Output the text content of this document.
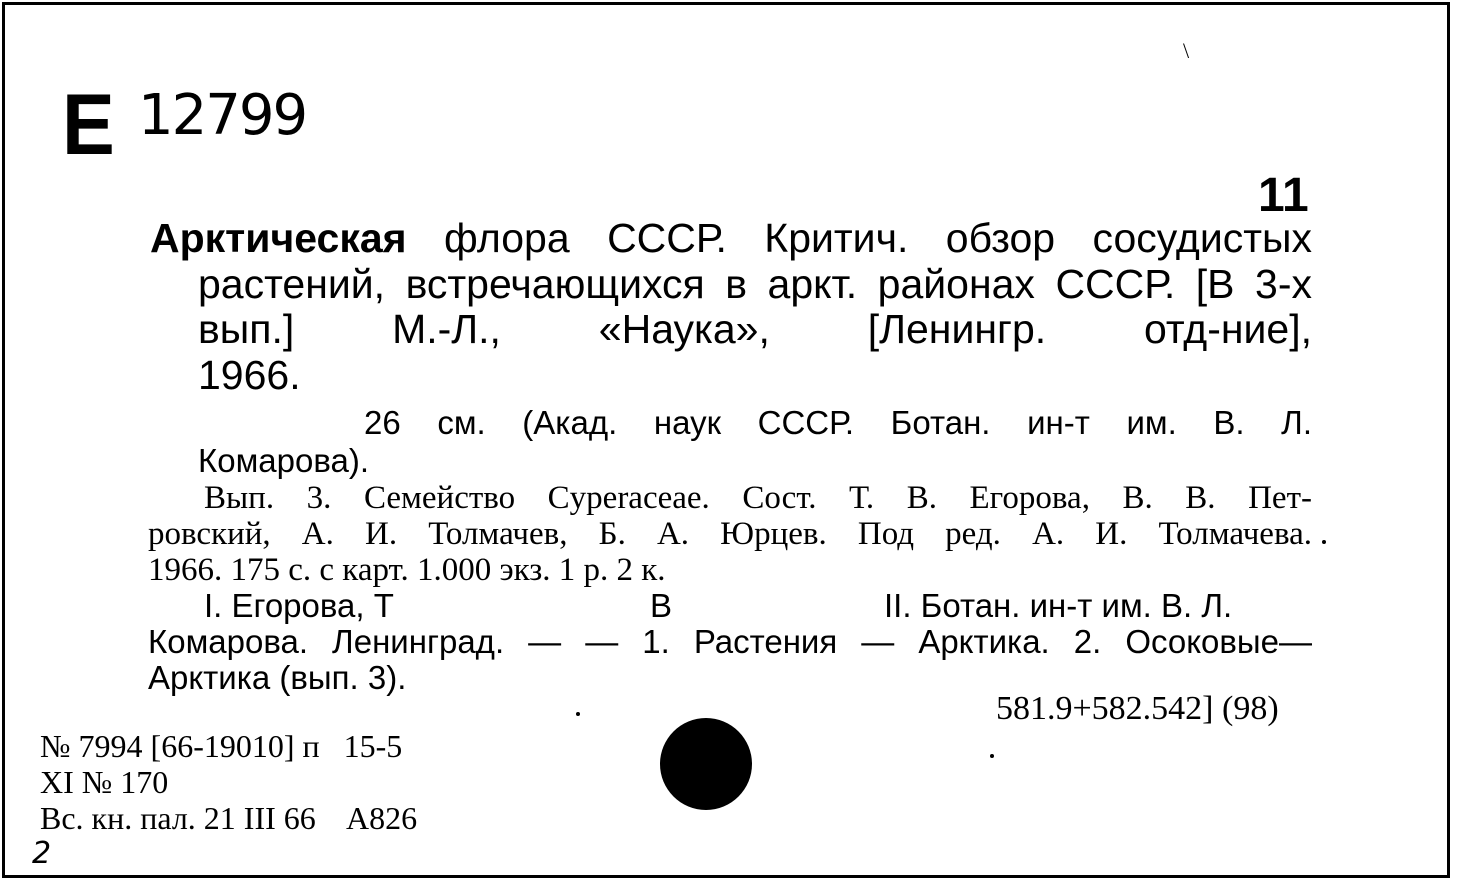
Е 12799
\
11
Арктическая флора СССР. Критич. обзор сосудистых
растений, встречающихся в аркт. районах СССР. [В 3-х
вып.] М.-Л., «Наука», [Ленингр. отд-ние],
1966.
26 см. (Акад. наук СССР. Ботан. ин-т им. В. Л.
Комарова).
Вып. 3. Семейство Cyperaceae. Сост. Т. В. Егорова, В. В. Пет-
ровский, А. И. Толмачев, Б. А. Юрцев. Под ред. А. И. Толмачева.
1966. 175 с. с карт. 1.000 экз. 1 р. 2 к.
I. Егорова, Т	В	II. Ботан. ин-т им. В. Л.
Комарова. Ленинград. — — 1. Растения — Арктика. 2. Осоковые—
Арктика (вып. 3).
581.9+582.542] (98)
№ 7994 [66-19010] п   15-5
XI № 170
Вс. кн. пал. 21 III 66    A826
2
